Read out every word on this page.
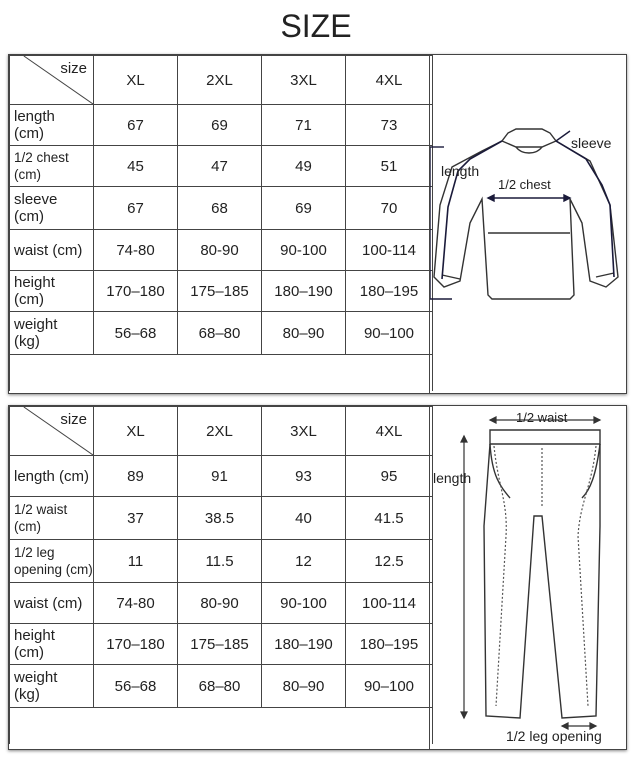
SIZE
size	XL	2XL	3XL	4XL
length
(cm)	67	69	71	73
1/2 chest
(cm)	45	47	49	51
sleeve
(cm)	67	68	69	70
waist (cm)	74-80	80-90	90-100	100-114
height
(cm)	170–180	175–185	180–190	180–195
weight
(kg)	56–68	68–80	80–90	90–100

length
1/2 chest
sleeve
size	XL	2XL	3XL	4XL
length (cm)	89	91	93	95
1/2 waist
(cm)	37	38.5	40	41.5
1/2 leg
opening (cm)	11	11.5	12	12.5
waist (cm)	74-80	80-90	90-100	100-114
height
(cm)	170–180	175–185	180–190	180–195
weight
(kg)	56–68	68–80	80–90	90–100

1/2 waist
length
1/2 leg opening
